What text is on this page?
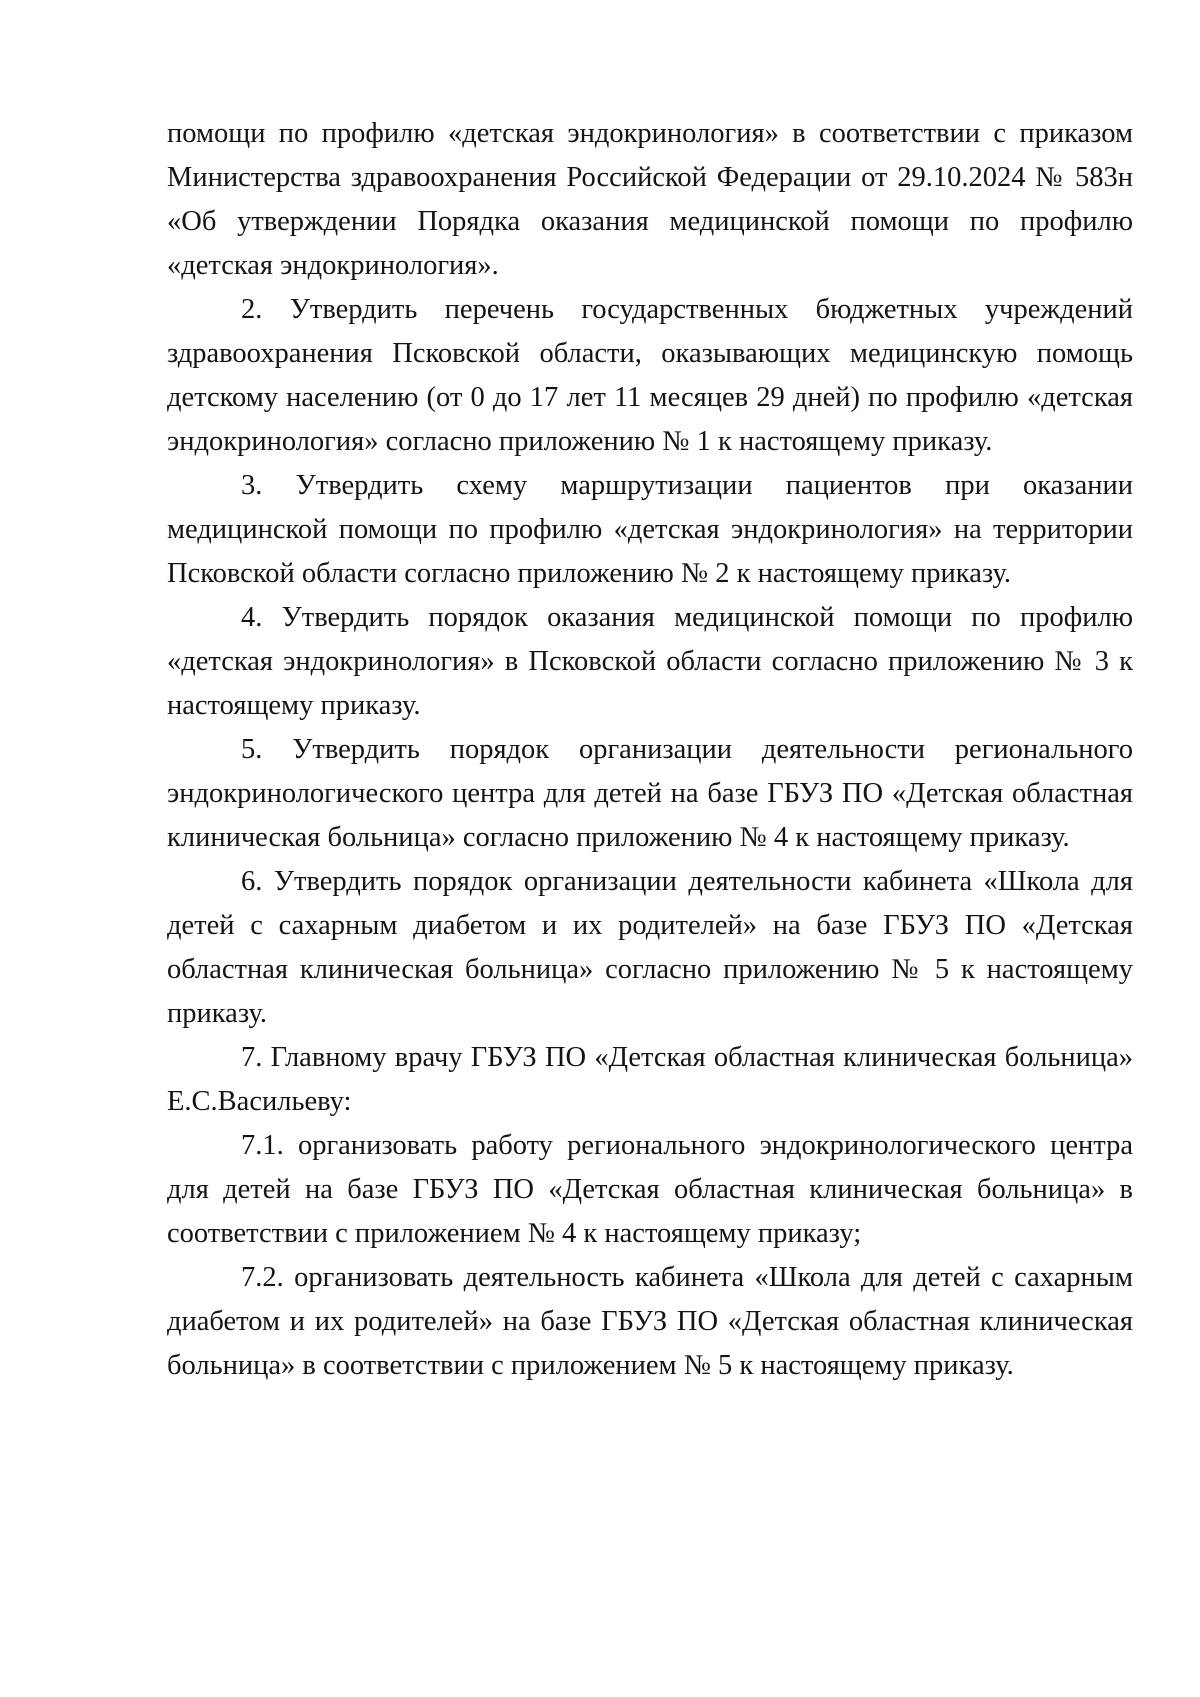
помощи по профилю «детская эндокринология» в соответствии с приказом Министерства здравоохранения Российской Федерации от 29.10.2024 № 583н «Об утверждении Порядка оказания медицинской помощи по профилю «детская эндокринология».

2. Утвердить перечень государственных бюджетных учреждений здравоохранения Псковской области, оказывающих медицинскую помощь детскому населению (от 0 до 17 лет 11 месяцев 29 дней) по профилю «детская эндокринология» согласно приложению № 1 к настоящему приказу.

3. Утвердить схему маршрутизации пациентов при оказании медицинской помощи по профилю «детская эндокринология» на территории Псковской области согласно приложению № 2 к настоящему приказу.

4. Утвердить порядок оказания медицинской помощи по профилю «детская эндокринология» в Псковской области согласно приложению № 3 к настоящему приказу.

5. Утвердить порядок организации деятельности регионального эндокринологического центра для детей на базе ГБУЗ ПО «Детская областная клиническая больница» согласно приложению № 4 к настоящему приказу.

6. Утвердить порядок организации деятельности кабинета «Школа для детей с сахарным диабетом и их родителей» на базе ГБУЗ ПО «Детская областная клиническая больница» согласно приложению № 5 к настоящему приказу.

7. Главному врачу ГБУЗ ПО «Детская областная клиническая больница» Е.С.Васильеву:

7.1. организовать работу регионального эндокринологического центра для детей на базе ГБУЗ ПО «Детская областная клиническая больница» в соответствии с приложением № 4 к настоящему приказу;

7.2. организовать деятельность кабинета «Школа для детей с сахарным диабетом и их родителей» на базе ГБУЗ ПО «Детская областная клиническая больница» в соответствии с приложением № 5 к настоящему приказу.
